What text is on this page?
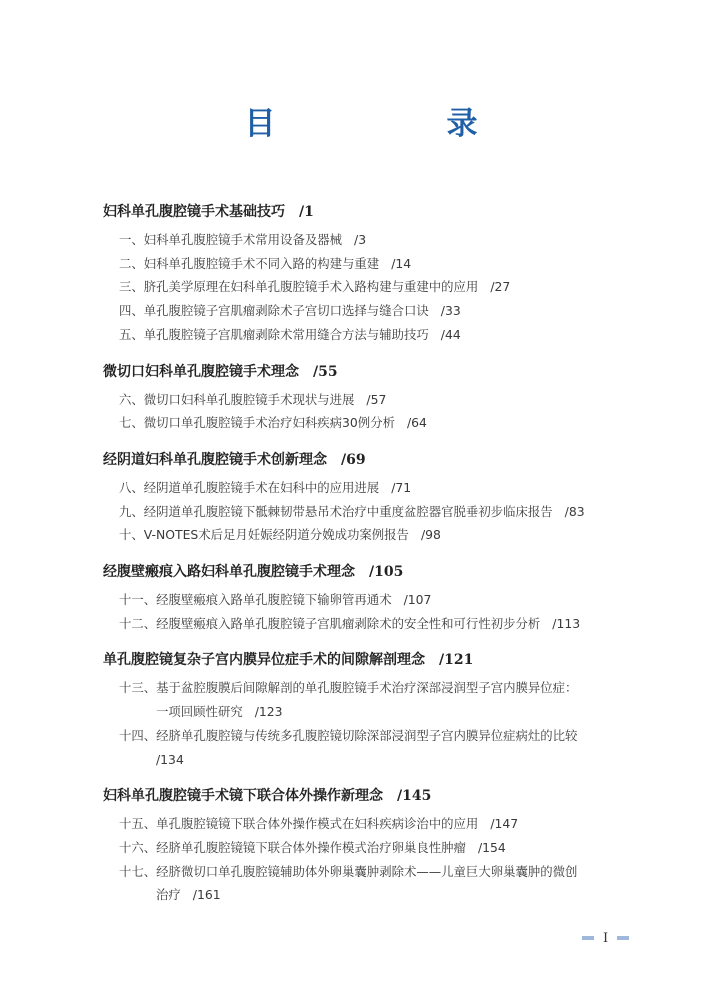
目　录
妇科单孔腹腔镜手术基础技巧 /1
一、妇科单孔腹腔镜手术常用设备及器械 /3
二、妇科单孔腹腔镜手术不同入路的构建与重建 /14
三、脐孔美学原理在妇科单孔腹腔镜手术入路构建与重建中的应用 /27
四、单孔腹腔镜子宫肌瘤剥除术子宫切口选择与缝合口诀 /33
五、单孔腹腔镜子宫肌瘤剥除术常用缝合方法与辅助技巧 /44
微切口妇科单孔腹腔镜手术理念 /55
六、微切口妇科单孔腹腔镜手术现状与进展 /57
七、微切口单孔腹腔镜手术治疗妇科疾病30例分析 /64
经阴道妇科单孔腹腔镜手术创新理念 /69
八、经阴道单孔腹腔镜手术在妇科中的应用进展 /71
九、经阴道单孔腹腔镜下骶棘韧带悬吊术治疗中重度盆腔器官脱垂初步临床报告 /83
十、V-NOTES术后足月妊娠经阴道分娩成功案例报告 /98
经腹壁瘢痕入路妇科单孔腹腔镜手术理念 /105
十一、经腹壁瘢痕入路单孔腹腔镜下输卵管再通术 /107
十二、经腹壁瘢痕入路单孔腹腔镜子宫肌瘤剥除术的安全性和可行性初步分析 /113
单孔腹腔镜复杂子宫内膜异位症手术的间隙解剖理念 /121
十三、基于盆腔腹膜后间隙解剖的单孔腹腔镜手术治疗深部浸润型子宫内膜异位症：
一项回顾性研究 /123
十四、经脐单孔腹腔镜与传统多孔腹腔镜切除深部浸润型子宫内膜异位症病灶的比较
/134
妇科单孔腹腔镜手术镜下联合体外操作新理念 /145
十五、单孔腹腔镜镜下联合体外操作模式在妇科疾病诊治中的应用 /147
十六、经脐单孔腹腔镜镜下联合体外操作模式治疗卵巢良性肿瘤 /154
十七、经脐微切口单孔腹腔镜辅助体外卵巢囊肿剥除术——儿童巨大卵巢囊肿的微创
治疗 /161
I
